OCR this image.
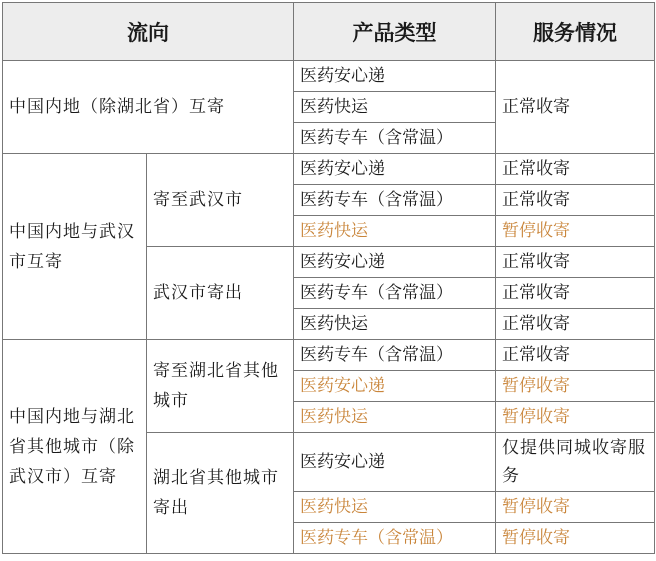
流向		产品类型	服务情况
中国内地（除湖北省）互寄		医药安心递	正常收寄
		医药快运	
		医药专车（含常温）	
中国内地与武汉市互寄	寄至武汉市	医药安心递	正常收寄
		医药专车（含常温）	正常收寄
		医药快运	暂停收寄
	武汉市寄出	医药安心递	正常收寄
		医药专车（含常温）	正常收寄
		医药快运	正常收寄
中国内地与湖北省其他城市（除武汉市）互寄	寄至湖北省其他城市	医药专车（含常温）	正常收寄
		医药安心递	暂停收寄
		医药快运	暂停收寄
	湖北省其他城市寄出	医药安心递	仅提供同城收寄服务
		医药快运	暂停收寄
		医药专车（含常温）	暂停收寄
